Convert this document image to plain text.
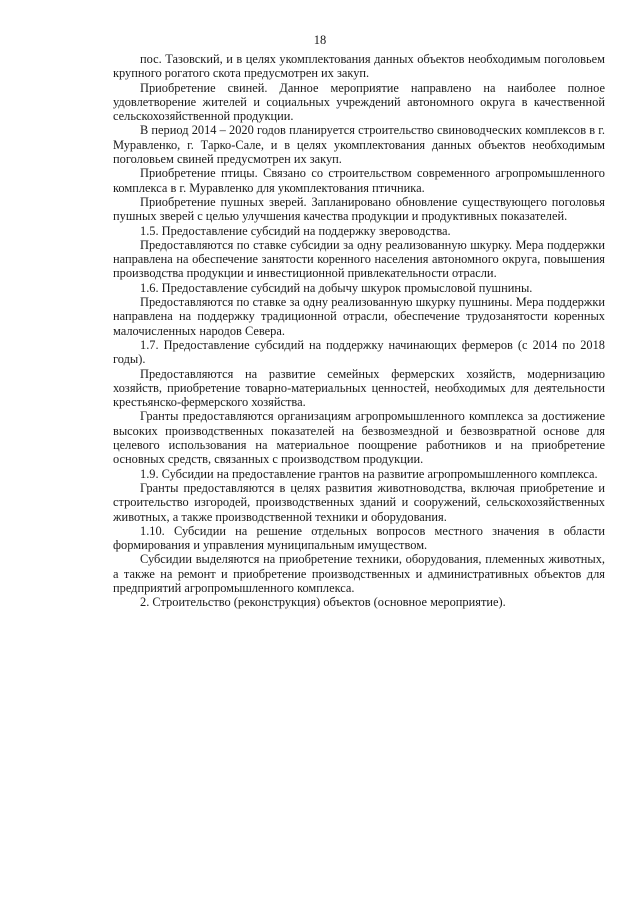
18

пос. Тазовский, и в целях укомплектования данных объектов необходимым поголовьем крупного рогатого скота предусмотрен их закуп.

Приобретение свиней. Данное мероприятие направлено на наиболее полное удовлетворение жителей и социальных учреждений автономного округа в качественной сельскохозяйственной продукции.

В период 2014 – 2020 годов планируется строительство свиноводческих комплексов в г. Муравленко, г. Тарко-Сале, и в целях укомплектования данных объектов необходимым поголовьем свиней предусмотрен их закуп.

Приобретение птицы. Связано со строительством современного агропромышленного комплекса в г. Муравленко для укомплектования птичника.

Приобретение пушных зверей. Запланировано обновление существующего поголовья пушных зверей с целью улучшения качества продукции и продуктивных показателей.

1.5. Предоставление субсидий на поддержку звероводства.

Предоставляются по ставке субсидии за одну реализованную шкурку. Мера поддержки направлена на обеспечение занятости коренного населения автономного округа, повышения производства продукции и инвестиционной привлекательности отрасли.

1.6. Предоставление субсидий на добычу шкурок промысловой пушнины.

Предоставляются по ставке за одну реализованную шкурку пушнины. Мера поддержки направлена на поддержку традиционной отрасли, обеспечение трудозанятости коренных малочисленных народов Севера.

1.7. Предоставление субсидий на поддержку начинающих фермеров (с 2014 по 2018 годы).

Предоставляются на развитие семейных фермерских хозяйств, модернизацию хозяйств, приобретение товарно-материальных ценностей, необходимых для деятельности крестьянско-фермерского хозяйства.

Гранты предоставляются организациям агропромышленного комплекса за достижение высоких производственных показателей на безвозмездной и безвозвратной основе для целевого использования на материальное поощрение работников и на приобретение основных средств, связанных с производством продукции.

1.9. Субсидии на предоставление грантов на развитие агропромышленного комплекса.

Гранты предоставляются в целях развития животноводства, включая приобретение и строительство изгородей, производственных зданий и сооружений, сельскохозяйственных животных, а также производственной техники и оборудования.

1.10. Субсидии на решение отдельных вопросов местного значения в области формирования и управления муниципальным имуществом.

Субсидии выделяются на приобретение техники, оборудования, племенных животных, а также на ремонт и приобретение производственных и административных объектов для предприятий агропромышленного комплекса.

2. Строительство (реконструкция) объектов (основное мероприятие).
